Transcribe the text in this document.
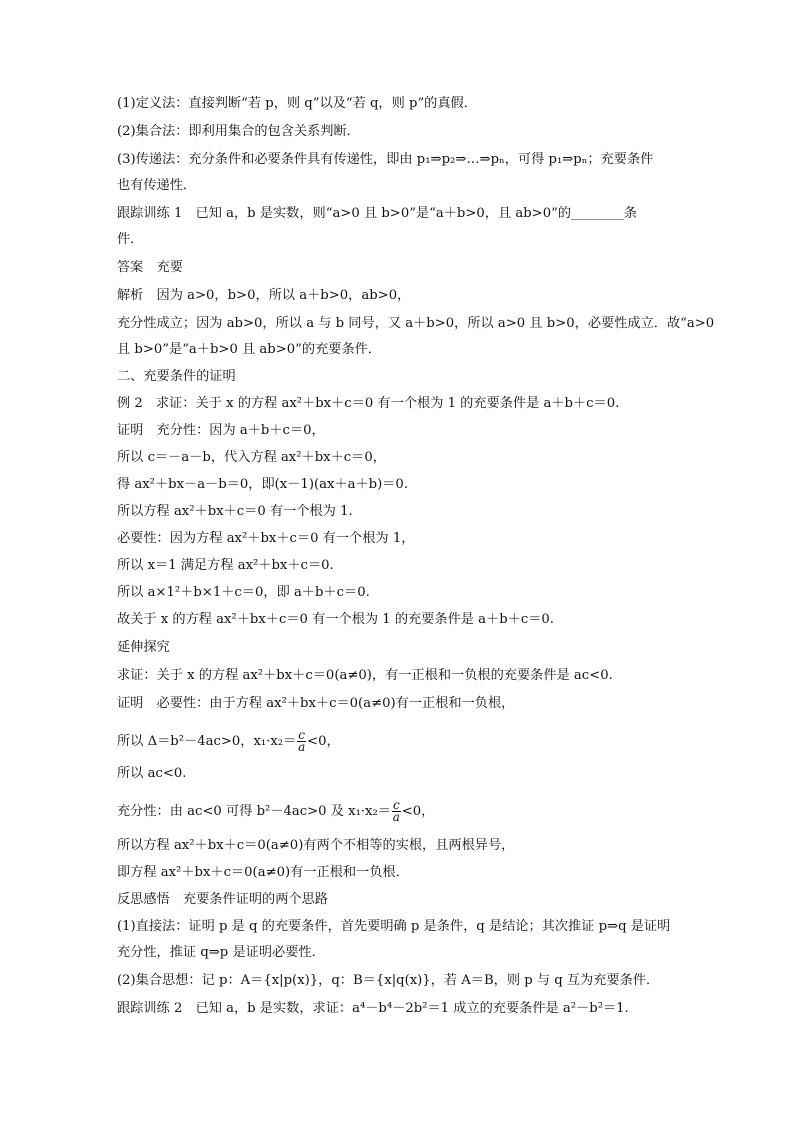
(1)定义法：直接判断“若 p，则 q”以及“若 q，则 p”的真假．
(2)集合法：即利用集合的包含关系判断．
(3)传递法：充分条件和必要条件具有传递性，即由 p₁⇒p₂⇒…⇒pₙ，可得 p₁⇒pₙ；充要条件
也有传递性．
跟踪训练 1　已知 a，b 是实数，则“a>0 且 b>0”是“a＋b>0，且 ab>0”的________条
件．
答案　充要
解析　因为 a>0，b>0，所以 a＋b>0，ab>0，
充分性成立；因为 ab>0，所以 a 与 b 同号，又 a＋b>0，所以 a>0 且 b>0，必要性成立．故“a>0
且 b>0”是“a＋b>0 且 ab>0”的充要条件．
二、充要条件的证明
例 2　求证：关于 x 的方程 ax²＋bx＋c＝0 有一个根为 1 的充要条件是 a＋b＋c＝0.
证明　充分性：因为 a＋b＋c＝0，
所以 c＝－a－b，代入方程 ax²＋bx＋c＝0，
得 ax²＋bx－a－b＝0，即(x－1)(ax＋a＋b)＝0.
所以方程 ax²＋bx＋c＝0 有一个根为 1.
必要性：因为方程 ax²＋bx＋c＝0 有一个根为 1，
所以 x＝1 满足方程 ax²＋bx＋c＝0.
所以 a×1²＋b×1＋c＝0，即 a＋b＋c＝0.
故关于 x 的方程 ax²＋bx＋c＝0 有一个根为 1 的充要条件是 a＋b＋c＝0.
延伸探究
求证：关于 x 的方程 ax²＋bx＋c＝0(a≠0)，有一正根和一负根的充要条件是 ac<0.
证明　必要性：由于方程 ax²＋bx＋c＝0(a≠0)有一正根和一负根，
所以 Δ＝b²－4ac>0，$x_1\cdot x_2= \frac{c}{a} <0$，
所以 ac<0.
充分性：由 ac<0 可得 b²－4ac>0 及 $x_1\cdot x_2= \frac{c}{a} <0$，
所以方程 ax²＋bx＋c＝0(a≠0)有两个不相等的实根，且两根异号，
即方程 ax²＋bx＋c＝0(a≠0)有一正根和一负根．
反思感悟　充要条件证明的两个思路
(1)直接法：证明 p 是 q 的充要条件，首先要明确 p 是条件，q 是结论；其次推证 p⇒q 是证明
充分性，推证 q⇒p 是证明必要性．
(2)集合思想：记 p：A＝{x|p(x)}，q：B＝{x|q(x)}，若 A＝B，则 p 与 q 互为充要条件．
跟踪训练 2　已知 a，b 是实数，求证：a⁴－b⁴－2b²＝1 成立的充要条件是 a²－b²＝1.
